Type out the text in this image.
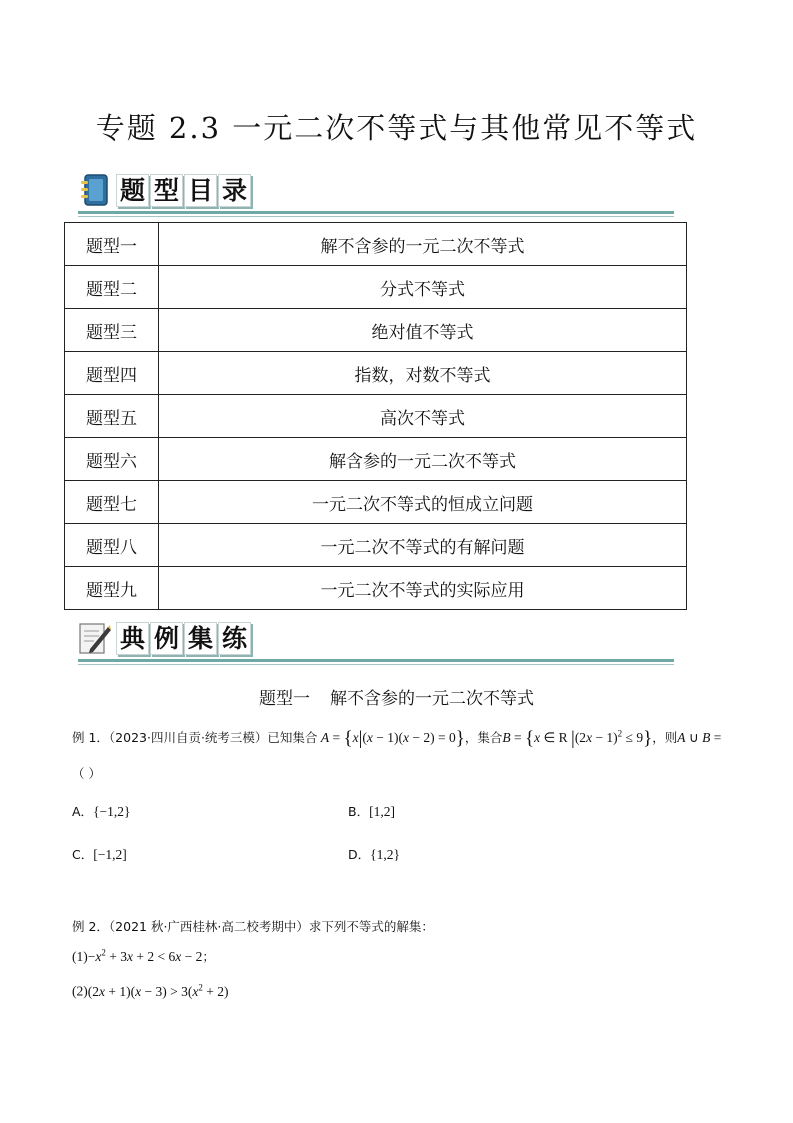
专题 2.3 一元二次不等式与其他常见不等式
题 型 目 录
题型一	解不含参的一元二次不等式
题型二	分式不等式
题型三	绝对值不等式
题型四	指数，对数不等式
题型五	高次不等式
题型六	解含参的一元二次不等式
题型七	一元二次不等式的恒成立问题
题型八	一元二次不等式的有解问题
题型九	一元二次不等式的实际应用
典 例 集 练
题型一 解不含参的一元二次不等式
例 1．（2023·四川自贡·统考三模）已知集合 A = {x|(x − 1)(x − 2) = 0}，集合B = {x ∈ R $|(2x - 1)^2 \le 9$}，则A ∪ B =
（ ）
A．{−1,2}	B．[1,2]
C．[−1,2]	D．{1,2}
例 2．（2021 秋·广西桂林·高二校考期中）求下列不等式的解集：
$(1)-x^2 + 3x + 2 < 6x - 2$；
$(2)(2x + 1)(x - 3) > 3(x^2 + 2)$
